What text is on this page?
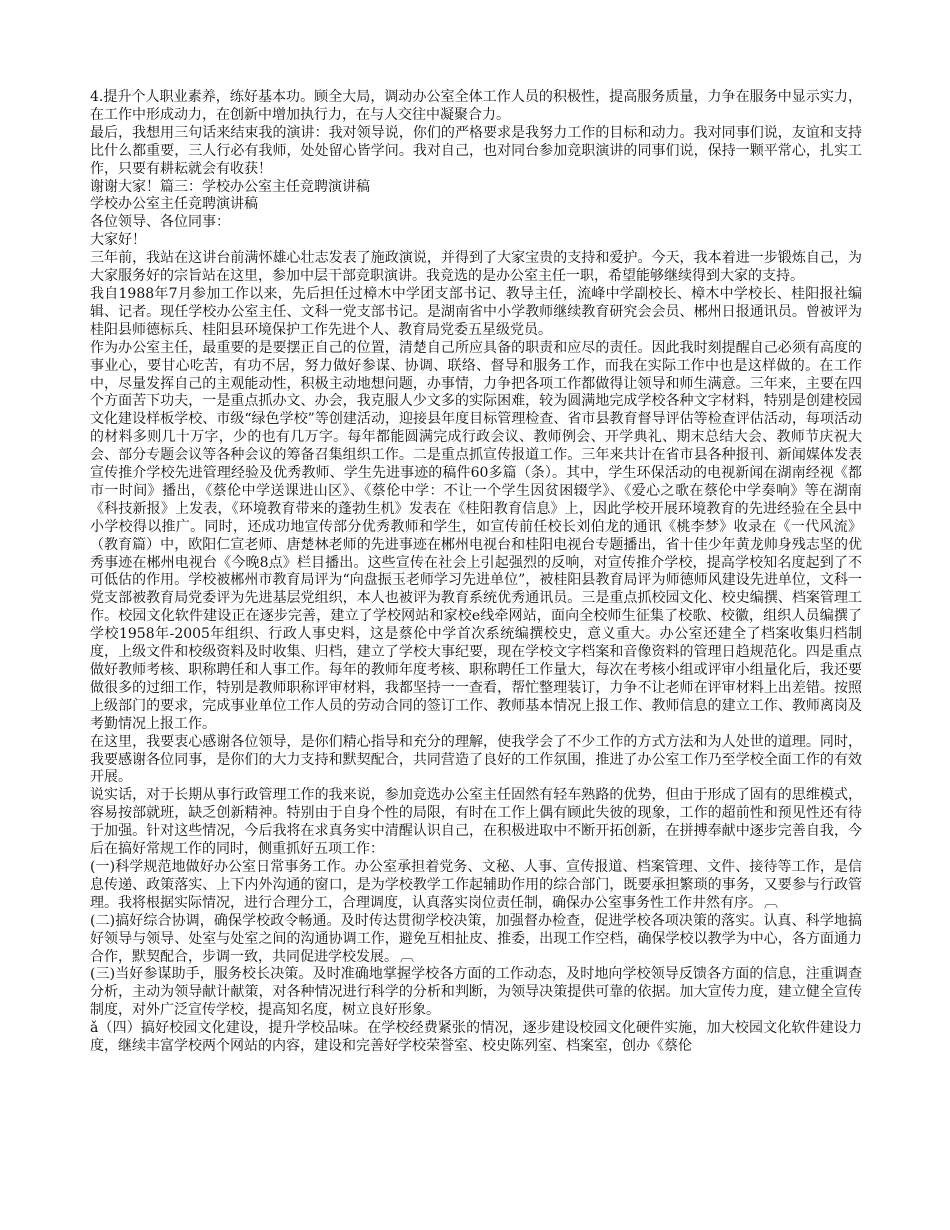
4.提升个人职业素养，练好基本功。顾全大局，调动办公室全体工作人员的积极性，提高服务质量，力争在服务中显示实力，在工作中形成动力，在创新中增加执行力，在与人交往中凝聚合力。

最后，我想用三句话来结束我的演讲：我对领导说，你们的严格要求是我努力工作的目标和动力。我对同事们说，友谊和支持比什么都重要，三人行必有我师，处处留心皆学问。我对自己，也对同台参加竞职演讲的同事们说，保持一颗平常心，扎实工作，只要有耕耘就会有收获！

谢谢大家！篇三：学校办公室主任竞聘演讲稿

学校办公室主任竞聘演讲稿

各位领导、各位同事：

大家好！

三年前，我站在这讲台前满怀雄心壮志发表了施政演说，并得到了大家宝贵的支持和爱护。今天，我本着进一步锻炼自己，为大家服务好的宗旨站在这里，参加中层干部竞职演讲。我竞选的是办公室主任一职，希望能够继续得到大家的支持。

我自1988年7月参加工作以来，先后担任过樟木中学团支部书记、教导主任，流峰中学副校长、樟木中学校长、桂阳报社编辑、记者。现任学校办公室主任、文科一党支部书记。是湖南省中小学教师继续教育研究会会员、郴州日报通讯员。曾被评为桂阳县师德标兵、桂阳县环境保护工作先进个人、教育局党委五星级党员。

作为办公室主任，最重要的是要摆正自己的位置，清楚自己所应具备的职责和应尽的责任。因此我时刻提醒自己必须有高度的事业心，要甘心吃苦，有功不居，努力做好参谋、协调、联络、督导和服务工作，而我在实际工作中也是这样做的。在工作中，尽量发挥自己的主观能动性，积极主动地想问题，办事情，力争把各项工作都做得让领导和师生满意。三年来，主要在四个方面苦下功夫，一是重点抓办文、办会，我克服人少文多的实际困难，较为圆满地完成学校各种文字材料，特别是创建校园文化建设样板学校、市级“绿色学校”等创建活动，迎接县年度目标管理检查、省市县教育督导评估等检查评估活动，每项活动的材料多则几十万字，少的也有几万字。每年都能圆满完成行政会议、教师例会、开学典礼、期末总结大会、教师节庆祝大会、部分专题会议等各种会议的筹备召集组织工作。二是重点抓宣传报道工作。三年来共计在省市县各种报刊、新闻媒体发表宣传推介学校先进管理经验及优秀教师、学生先进事迹的稿件60多篇（条）。其中，学生环保活动的电视新闻在湖南经视《都市一时间》播出，《蔡伦中学送课进山区》、《蔡伦中学：不让一个学生因贫困辍学》、《爱心之歌在蔡伦中学奏响》等在湖南《科技新报》上发表，《环境教育带来的蓬勃生机》发表在《桂阳教育信息》上，因此学校开展环境教育的先进经验在全县中小学校得以推广。同时，还成功地宣传部分优秀教师和学生，如宣传前任校长刘伯龙的通讯《桃李梦》收录在《一代风流》（教育篇）中，欧阳仁宣老师、唐楚林老师的先进事迹在郴州电视台和桂阳电视台专题播出，省十佳少年黄龙帅身残志坚的优秀事迹在郴州电视台《今晚8点》栏目播出。这些宣传在社会上引起强烈的反响，对宣传推介学校，提高学校知名度起到了不可低估的作用。学校被郴州市教育局评为“向盘振玉老师学习先进单位”，被桂阳县教育局评为师德师风建设先进单位，文科一党支部被教育局党委评为先进基层党组织，本人也被评为教育系统优秀通讯员。三是重点抓校园文化、校史编撰、档案管理工作。校园文化软件建设正在逐步完善，建立了学校网站和家校e线牵网站，面向全校师生征集了校歌、校徽，组织人员编撰了学校1958年-2005年组织、行政人事史料，这是蔡伦中学首次系统编撰校史，意义重大。办公室还建全了档案收集归档制度，上级文件和校级资料及时收集、归档，建立了学校大事纪要，现在学校文字档案和音像资料的管理日趋规范化。四是重点做好教师考核、职称聘任和人事工作。每年的教师年度考核、职称聘任工作量大，每次在考核小组或评审小组量化后，我还要做很多的过细工作，特别是教师职称评审材料，我都坚持一一查看，帮忙整理装订，力争不让老师在评审材料上出差错。按照上级部门的要求，完成事业单位工作人员的劳动合同的签订工作、教师基本情况上报工作、教师信息的建立工作、教师离岗及考勤情况上报工作。

在这里，我要衷心感谢各位领导，是你们精心指导和充分的理解，使我学会了不少工作的方式方法和为人处世的道理。同时，我要感谢各位同事，是你们的大力支持和默契配合，共同营造了良好的工作氛围，推进了办公室工作乃至学校全面工作的有效开展。

说实话，对于长期从事行政管理工作的我来说，参加竞选办公室主任固然有轻车熟路的优势，但由于形成了固有的思维模式，容易按部就班，缺乏创新精神。特别由于自身个性的局限，有时在工作上偶有顾此失彼的现象，工作的超前性和预见性还有待于加强。针对这些情况，今后我将在求真务实中清醒认识自己，在积极进取中不断开拓创新，在拼搏奉献中逐步完善自我，今后在搞好常规工作的同时，侧重抓好五项工作：

(一)科学规范地做好办公室日常事务工作。办公室承担着党务、文秘、人事、宣传报道、档案管理、文件、接待等工作，是信息传递、政策落实、上下内外沟通的窗口，是为学校教学工作起辅助作用的综合部门，既要承担繁琐的事务，又要参与行政管理。我将根据实际情况，进行合理分工，合理调度，认真落实岗位责任制，确保办公室事务性工作井然有序。 ︹

(二)搞好综合协调，确保学校政令畅通。及时传达贯彻学校决策，加强督办检查，促进学校各项决策的落实。认真、科学地搞好领导与领导、处室与处室之间的沟通协调工作，避免互相扯皮、推委，出现工作空档，确保学校以教学为中心，各方面通力合作，默契配合，步调一致，共同促进学校发展。 ︹

(三)当好参谋助手，服务校长决策。及时准确地掌握学校各方面的工作动态，及时地向学校领导反馈各方面的信息，注重调查分析，主动为领导献计献策，对各种情况进行科学的分析和判断，为领导决策提供可靠的依据。加大宣传力度，建立健全宣传制度，对外广泛宣传学校，提高知名度，树立良好形象。

ǎ（四）搞好校园文化建设，提升学校品味。在学校经费紧张的情况，逐步建设校园文化硬件实施，加大校园文化软件建设力度，继续丰富学校两个网站的内容，建设和完善好学校荣誉室、校史陈列室、档案室，创办《蔡伦
